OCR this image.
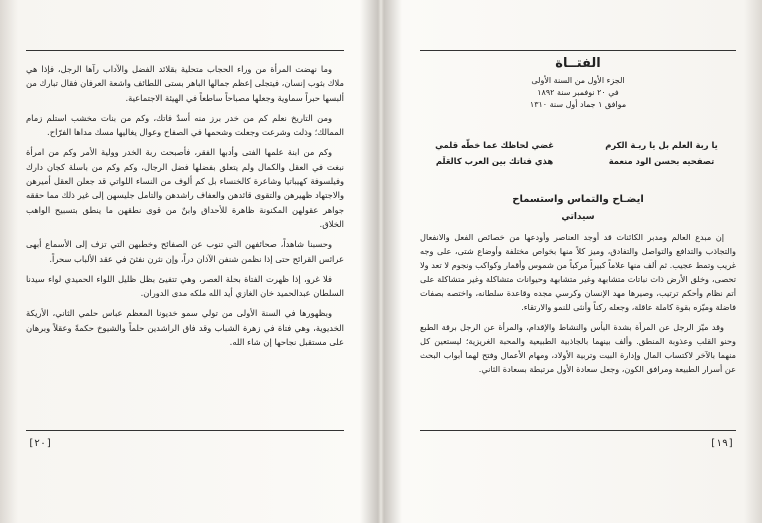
وما نهضت المرأة من وراء الحجاب متحلية بقلائد الفضل والآداب رآها الرجل، فإذا هي ملاك بثوب إنسان، فيتجلى إعظم جمالها الباهر بستى اللطائف واشعة العرفان فقال تبارك من ألبسها حبراً سماوية وجعلها مصباحاً ساطعاً في الهيئة الاجتماعية.

ومن التاريخ نعلم كم من خدر برز منه أسدٌ فاتك، وكم من بنات مخشب استلم زمام الممالك؛ وذلت وشرعت وجعلت وشحمها في الصفاح وعوال يغاليها مسك مداها الفرّاح.

وكم من ابنة علمها الفتى وأدبها الفقر، فأصبحت ربة الخدر وولية الأمر وكم من امرأة نبغت في العقل والكمال ولم يتعلق بفضلها فضل الرجال، وكم وكم من باسلة كجان دارك وفيلسوفة كهيباتيا وشاعرة كالخنساء بل كم ألوف من النساء اللواتي قد جعلن العقل أميرهن والاجتهاد ظهيرهن والتقوى قائدهن والعفاف راشدهن والتامل جليسهن إلى غير ذلك مما حققه جواهر عقولهن المكنونة ظاهرة للأحداق وابنٌ من قوى نطقهن ما ينطق بتسبيح الواهب الخلاق.

وحسبنا شاهداً، صحائفهن التي تنوب عن الصفائح وخطبهن التي تزف إلى الأسماع أبهى عرائس القرائح حتى إذا نظمن شنفن الآذان دراً، وإن نثرن نفثنَ في عقد الألباب سحراً.

فلا غرو، إذا ظهرت الفتاة بحلة العصر، وهي تتفيئ بظل ظليل اللواء الحميدي لواء سيدنا السلطان عبدالحميد خان الغازي أيد الله ملكه مدى الدوران.

وبظهورها في السنة الأولى من تولي سمو خديونا المعظم عباس حلمي الثاني، الأريكة الخديوية، وهي فتاة في زهرة الشباب وقد فاق الراشدين حلماً والشيوخ حكمةً وعقلاً وبرهان على مستقبل نجاحها إن شاء الله.

[٢٠]
الفتــاة
الجزء الأول من السنة الأولى
في ٢٠ نوفمبر سنة ١٨٩٢
موافق ١ جماد أول سنة ١٣١٠
يا ربة العلم بل يا ربـة الكرم
غضي لحاظك عما خطّه قلمي
تصفحيه بحسن الود منعمة
هذي فتاتك بين العرب كالعَلَم
ايضـاح والتماس واستسماح
سيداتي

إن مبدع العالم ومدبر الكائنات قد أوجد العناصر وأودعها من خصائص الفعل والانفعال والتجاذب والتدافع والتواصل والتفادق، وميز كلاً منها بخواص مختلفة وأوضاع شتى، على وجه غريب وتمط عجيب. ثم ألف منها علاماً كبيراً مركباً من شموس وأقمار وكواكب ونجوم لا تعد ولا تحصى، وخلق الأرض ذات نباتات متشابهة وغير متشابهة وحيوانات متشاكلة وغير متشاكلة على أتم نظام وأحكم ترتيب، وصيرها مهد الإنسان وكرسي مجده وقاعدة سلطانه، واختصه بصفات فاضلة وميّزه بقوة كاملة عاقلة، وجعله ركناً وأنثى للنمو والارتقاء.

وقد ميّز الرجل عن المرأة بشدة البأس والنشاط والإقدام، والمرأة عن الرجل برقة الطبع وحنو القلب وعذوبة المنطق. وألف بينهما بالجاذبية الطبيعية والمحبة الغريزية؛ ليستعين كل منهما بالآخر لاكتساب المال وإدارة البيت وتربية الأولاد، ومهام الأعمال وفتح لهما أبواب البحث عن أسرار الطبيعة ومرافق الكون، وجعل سعادة الأول مرتبطة بسعادة الثاني.

[١٩]
